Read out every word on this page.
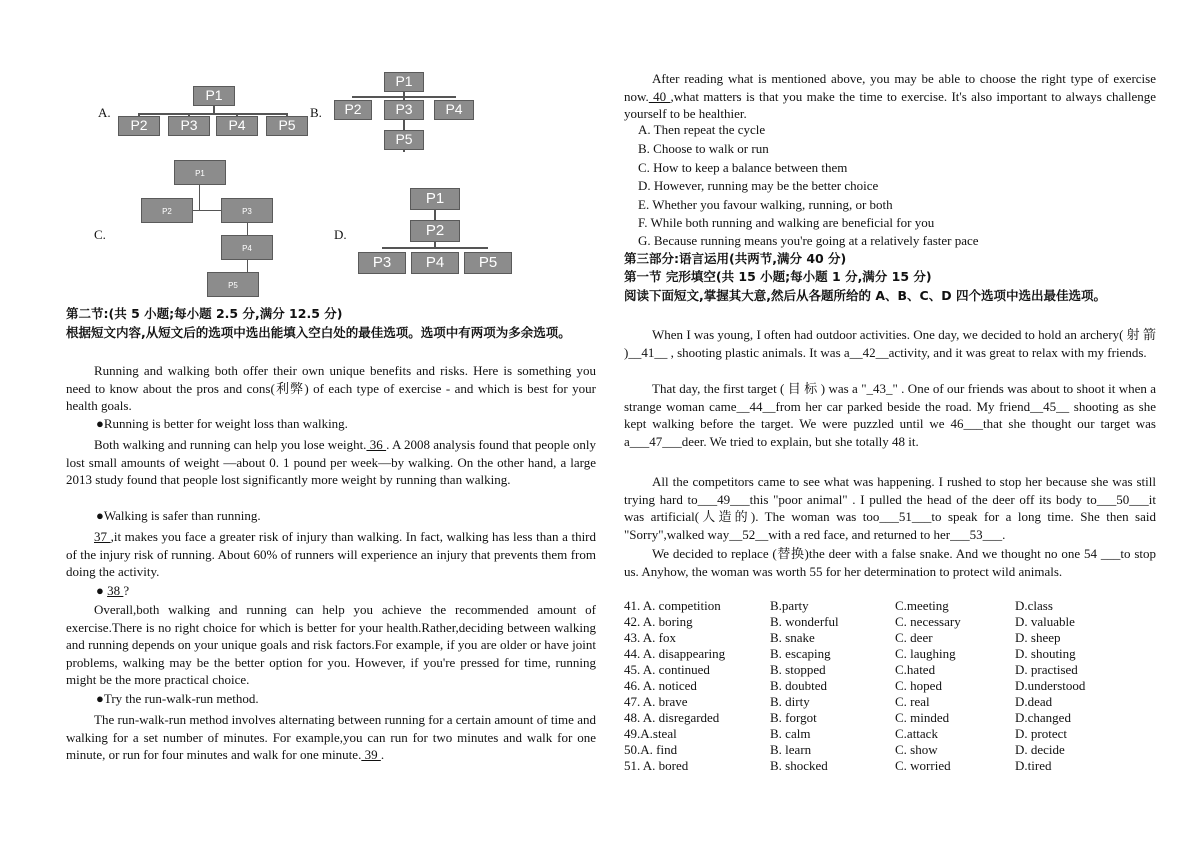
A.
P1
P2	P3	P4	P5
B.
P1
P2	P3	P4
P5
C.
P1
P2	P3
P4
P5
D.
P1
P2
P3	P4	P5
第二节:(共 5 小题;每小题 2.5 分,满分 12.5 分)
根据短文内容,从短文后的选项中选出能填入空白处的最佳选项。选项中有两项为多余选项。
Running and walking both offer their own unique benefits and risks. Here is something you need to know about the pros and cons(利弊) of each type of exercise - and which is best for your health goals.
●Running is better for weight loss than walking.
Both walking and running can help you lose weight. 36 . A 2008 analysis found that people only lost small amounts of weight —about 0. 1 pound per week—by walking. On the other hand, a large 2013 study found that people lost significantly more weight by running than walking.
●Walking is safer than running.
37 ,it makes you face a greater risk of injury than walking. In fact, walking has less than a third of the injury risk of running. About 60% of runners will experience an injury that prevents them from doing the activity.
● 38 ?
Overall,both walking and running can help you achieve the recommended amount of exercise.There is no right choice for which is better for your health.Rather,deciding between walking and running depends on your unique goals and risk factors.For example, if you are older or have joint problems, walking may be the better option for you. However, if you're pressed for time, running might be the more practical choice.
●Try the run-walk-run method.
The run-walk-run method involves alternating between running for a certain amount of time and walking for a set number of minutes. For example,you can run for two minutes and walk for one minute, or run for four minutes and walk for one minute. 39 .
After reading what is mentioned above, you may be able to choose the right type of exercise now. 40 ,what matters is that you make the time to exercise. It's also important to always challenge yourself to be healthier.
A. Then repeat the cycle
B. Choose to walk or run
C. How to keep a balance between them
D. However, running may be the better choice
E. Whether you favour walking, running, or both
F. While both running and walking are beneficial for you
G. Because running means you're going at a relatively faster pace
第三部分:语言运用(共两节,满分 40 分)
第一节 完形填空(共 15 小题;每小题 1 分,满分 15 分)
阅读下面短文,掌握其大意,然后从各题所给的 A、B、C、D 四个选项中选出最佳选项。
When I was young, I often had outdoor activities. One day, we decided to hold an archery( 射 箭 )__41__ , shooting plastic animals. It was a__42__activity, and it was great to relax with my friends.
That day, the first target ( 目 标 ) was a "_43_" . One of our friends was about to shoot it when a strange woman came__44__from her car parked beside the road. My friend__45__ shooting as she kept walking before the target. We were puzzled until we 46___that she thought our target was a___47___deer. We tried to explain, but she totally 48 it.
All the competitors came to see what was happening. I rushed to stop her because she was still trying hard to___49___this "poor animal" . I pulled the head of the deer off its body to___50___it was artificial(人造的). The woman was too___51___to speak for a long time. She then said "Sorry",walked way__52__with a red face, and returned to her___53___.
We decided to replace (替换)the deer with a false snake. And we thought no one 54 ___to stop us. Anyhow, the woman was worth 55 for her determination to protect wild animals.
41. A. competition	B.party	C.meeting	D.class
42. A. boring	B. wonderful	C. necessary	D. valuable
43. A. fox	B. snake	C. deer	D. sheep
44. A. disappearing	B. escaping	C. laughing	D. shouting
45. A. continued	B. stopped	C.hated	D. practised
46. A. noticed	B. doubted	C. hoped	D.understood
47. A. brave	B. dirty	C. real	D.dead
48. A. disregarded	B. forgot	C. minded	D.changed
49.A.steal	B. calm	C.attack	D. protect
50.A. find	B. learn	C. show	D. decide
51. A. bored	B. shocked	C. worried	D.tired
